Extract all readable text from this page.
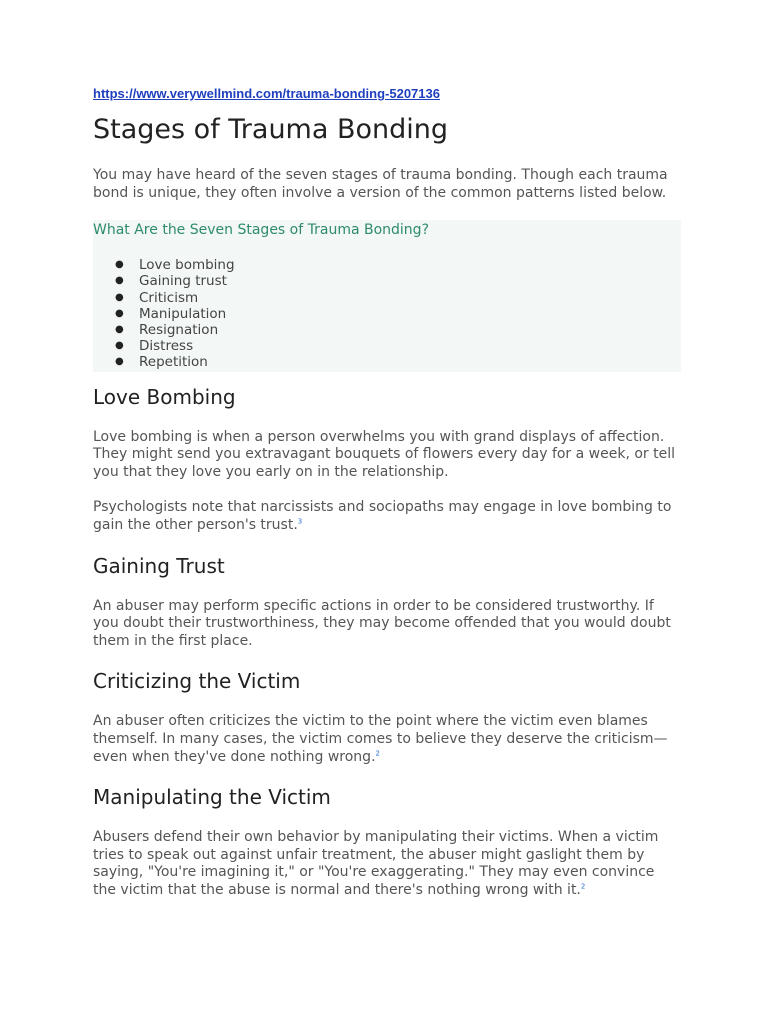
https://www.verywellmind.com/trauma-bonding-5207136
Stages of Trauma Bonding

You may have heard of the seven stages of trauma bonding. Though each trauma bond is unique, they often involve a version of the common patterns listed below.

What Are the Seven Stages of Trauma Bonding?
● Love bombing
● Gaining trust
● Criticism
● Manipulation
● Resignation
● Distress
● Repetition
Love Bombing

Love bombing is when a person overwhelms you with grand displays of affection. They might send you extravagant bouquets of flowers every day for a week, or tell you that they love you early on in the relationship.

Psychologists note that narcissists and sociopaths may engage in love bombing to gain the other person's trust.$^3$

Gaining Trust

An abuser may perform specific actions in order to be considered trustworthy. If you doubt their trustworthiness, they may become offended that you would doubt them in the first place.

Criticizing the Victim

An abuser often criticizes the victim to the point where the victim even blames themself. In many cases, the victim comes to believe they deserve the criticism—even when they've done nothing wrong.$^2$

Manipulating the Victim

Abusers defend their own behavior by manipulating their victims. When a victim tries to speak out against unfair treatment, the abuser might gaslight them by saying, "You're imagining it," or "You're exaggerating." They may even convince the victim that the abuse is normal and there's nothing wrong with it.$^2$
